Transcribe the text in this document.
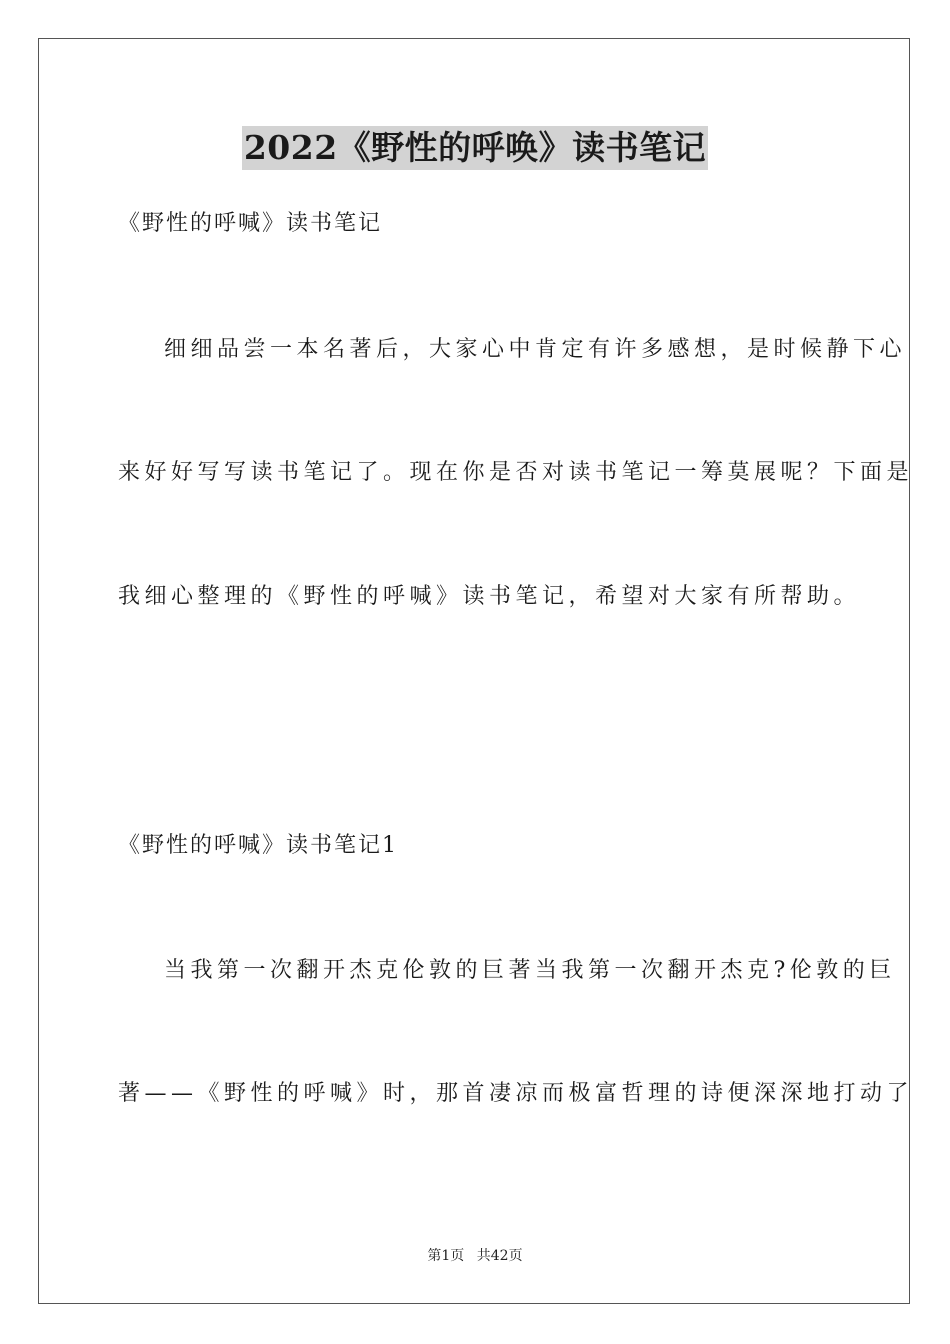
2022《野性的呼唤》读书笔记
《野性的呼喊》读书笔记
细细品尝一本名著后，大家心中肯定有许多感想，是时候静下心
来好好写写读书笔记了。现在你是否对读书笔记一筹莫展呢？下面是
我细心整理的《野性的呼喊》读书笔记，希望对大家有所帮助。
《野性的呼喊》读书笔记1
当我第一次翻开杰克伦敦的巨著当我第一次翻开杰克?伦敦的巨
著——《野性的呼喊》时，那首凄凉而极富哲理的诗便深深地打动了
第1页 共42页
